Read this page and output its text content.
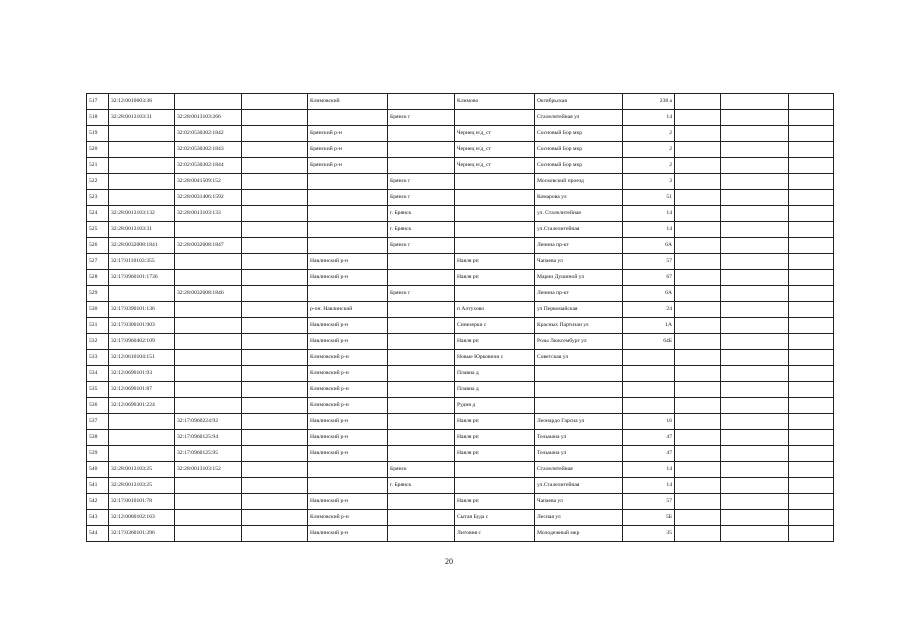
517	32:12:0010603:36			Климовский		Климово	Октябрьская	238 а			
518	32:28:0013103:31	32:28:0013103:266			Брянск г		Сталелитейная ул	14			
519		32:02:0530302:1842		Брянский р-н		Чернец н/д_ст	Сосновый Бор мкр	2			
520		32:02:0530302:1843		Брянский р-н		Чернец н/д_ст	Сосновый Бор мкр	2			
521		32:02:0530302:1844		Брянский р-н		Чернец н/д_ст	Сосновый Бор мкр	2			
522		32:28:0041509:152			Брянск г		Московский проезд	3			
523		32:28:0031406:1592			Брянск г		Комарова ул	51			
524	32:28:0013103:132	32:28:0013103:133			г. Брянск		ул. Сталелитейная	14			
525	32:28:0013103:31				г. Брянск		ул.Сталелитейная	14			
526	32:28:0032008:1841	32:28:0032008:1847			Брянск г		Ленина пр-кт	6А			
527	32:17:0110103:355			Навлинский р-н		Навля рп	Чапаева ул	57			
528	32:17:0960101:1736			Навлинский р-н		Навля рп	Марии Душиной ул	67			
529		32:28:0032008:1846			Брянск г		Ленина пр-кт	6А			
530	32:17:0390101:136			р-он. Навлинский		п Алтухово	ул Первомайская	24			
531	32:17:0300101:903			Навлинский р-н		Синезерки с	Красных Партизан ул	1А			
532	32:17:0960402:109			Навлинский р-н		Навля рп	Розы Люксембург ул	64Б			
533	32:12:0610104:151			Климовский р-н		Новые Юрковичи с	Советская ул				
534	32:12:0690101:93			Климовский р-н		Плавна д					
535	32:12:0690101:87			Климовский р-н		Плавна д					
536	32:12:0690301:224			Климовский р-н		Рудня д					
537		32:17:0960224:92		Навлинский р-н		Навля рп	Леонардо Гарсиа ул	16			
538		32:17:0960125:94		Навлинский р-н		Навля рп	Тельмана ул	47			
539		32:17:0960125:95		Навлинский р-н		Навля рп	Тельмана ул	47			
540	32:28:0013103:25	32:28:0013103:152			Брянск		Сталелитейная	14			
541	32:28:0013103:25				г. Брянск		ул.Сталелитейная	14			
542	32:17:0010101:78			Навлинский р-н		Навля рп	Чапаева ул	57			
543	32:12:0060102:163			Климовский р-н		Сытая Буда с	Лесная ул	5Б			
544	32:17:0360101:396			Навлинский р-н		Литовня с	Молодежный мкр	35			
20
